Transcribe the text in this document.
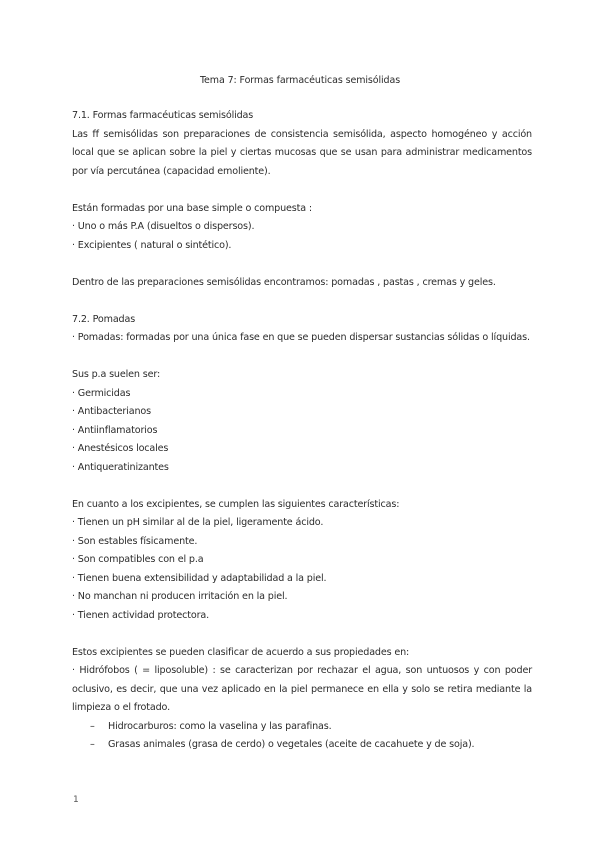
Tema 7: Formas farmacéuticas semisólidas

7.1. Formas farmacéuticas semisólidas

Las ff semisólidas son preparaciones de consistencia semisólida, aspecto homogéneo y acción local que se aplican sobre la piel y ciertas mucosas que se usan para administrar medicamentos por vía percutánea (capacidad emoliente).

Están formadas por una base simple o compuesta :

· Uno o más P.A (disueltos o dispersos).

· Excipientes ( natural o sintético).

Dentro de las preparaciones semisólidas encontramos: pomadas , pastas , cremas y geles.

7.2. Pomadas

· Pomadas: formadas por una única fase en que se pueden dispersar sustancias sólidas o líquidas.

Sus p.a suelen ser:

· Germicidas

· Antibacterianos

· Antiinflamatorios

· Anestésicos locales

· Antiqueratinizantes

En cuanto a los excipientes, se cumplen las siguientes características:

· Tienen un pH similar al de la piel, ligeramente ácido.

· Son estables físicamente.

· Son compatibles con el p.a

· Tienen buena extensibilidad y adaptabilidad a la piel.

· No manchan ni producen irritación en la piel.

· Tienen actividad protectora.

Estos excipientes se pueden clasificar de acuerdo a sus propiedades en:

· Hidrófobos ( = liposoluble) : se caracterizan por rechazar el agua, son untuosos y con poder oclusivo, es decir, que una vez aplicado en la piel permanece en ella y solo se retira mediante la limpieza o el frotado.

– Hidrocarburos: como la vaselina y las parafinas.

– Grasas animales (grasa de cerdo) o vegetales (aceite de cacahuete y de soja).

1
